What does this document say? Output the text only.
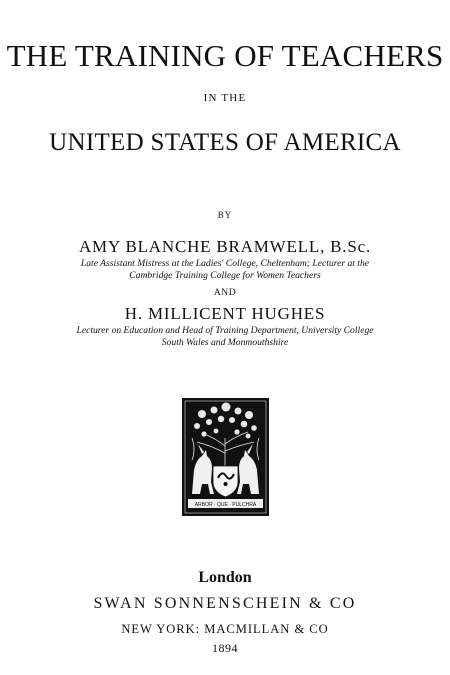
THE TRAINING OF TEACHERS
IN THE
UNITED STATES OF AMERICA
BY
AMY BLANCHE BRAMWELL, B.Sc.
Late Assistant Mistress at the Ladies' College, Cheltenham; Lecturer at the
Cambridge Training College for Women Teachers
AND
H. MILLICENT HUGHES
Lecturer on Education and Head of Training Department, University College
South Wales and Monmouthshire
ARBOR · QUE · PULCHRA
London
SWAN SONNENSCHEIN & CO
NEW YORK: MACMILLAN & CO
1894
